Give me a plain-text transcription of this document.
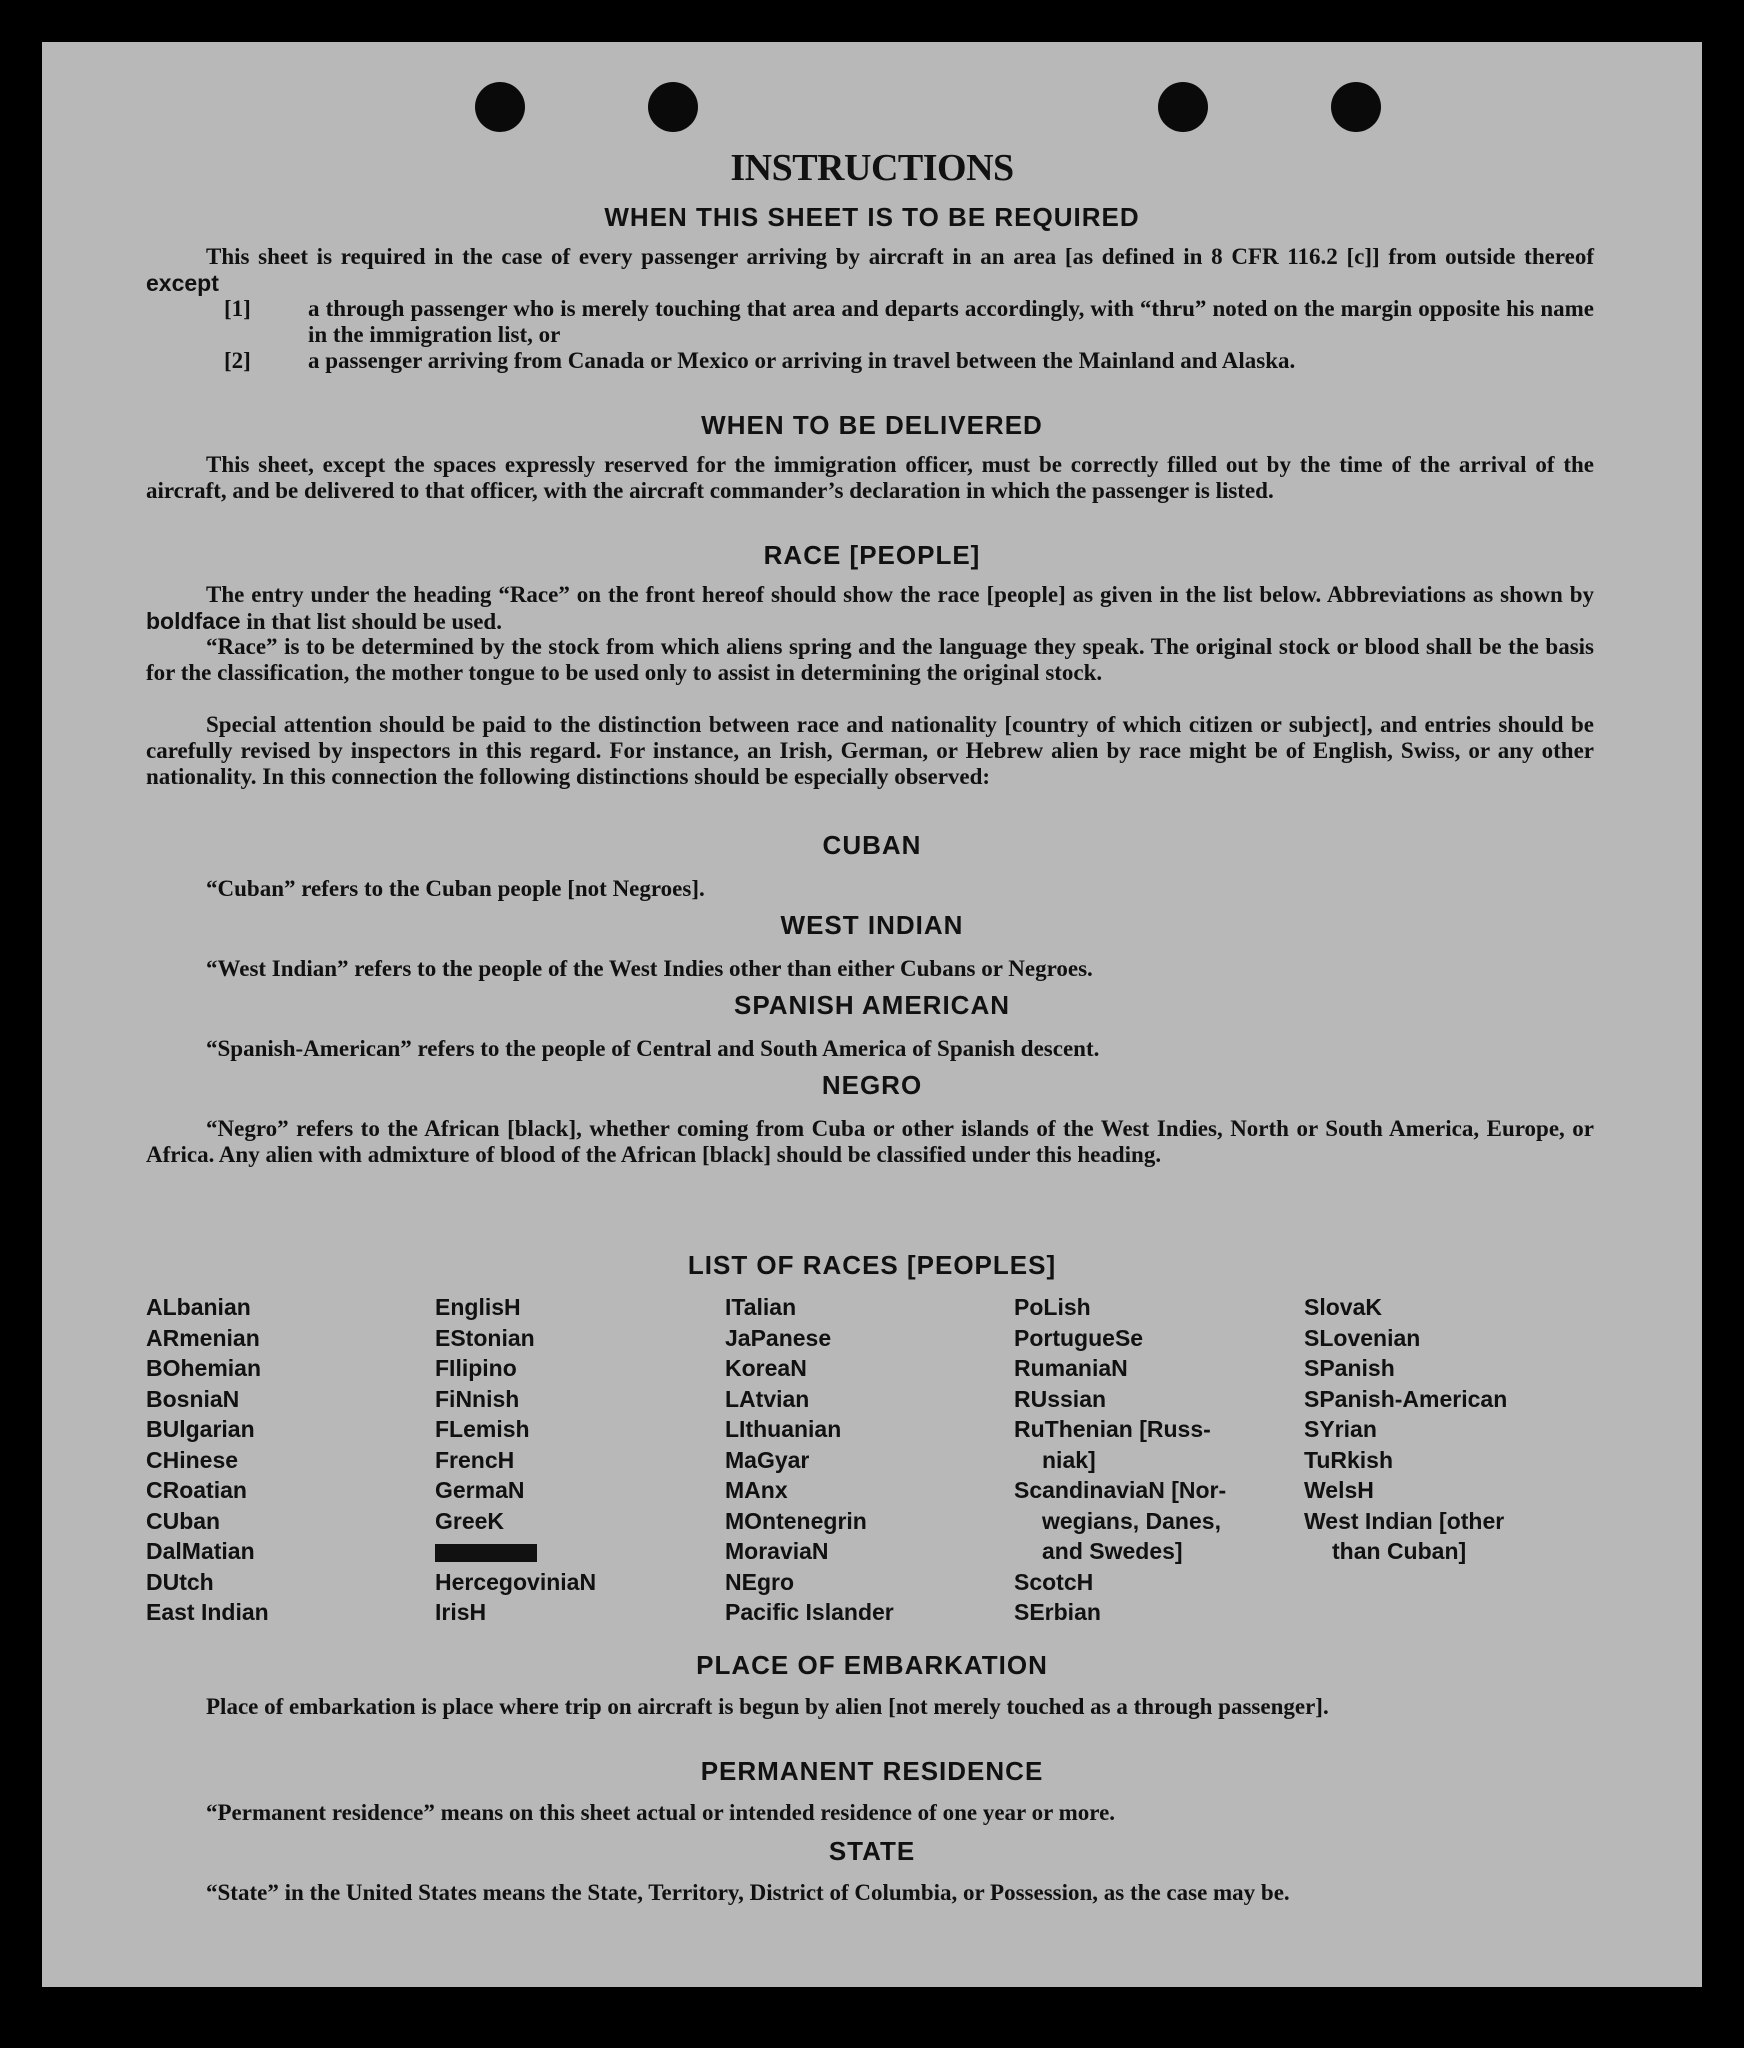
INSTRUCTIONS
WHEN THIS SHEET IS TO BE REQUIRED
This sheet is required in the case of every passenger arriving by aircraft in an area [as defined in 8 CFR 116.2 [c]] from outside thereof except
[1]	a through passenger who is merely touching that area and departs accordingly, with “thru” noted on the margin opposite his name in the immigration list, or
[2]	a passenger arriving from Canada or Mexico or arriving in travel between the Mainland and Alaska.
WHEN TO BE DELIVERED
This sheet, except the spaces expressly reserved for the immigration officer, must be correctly filled out by the time of the arrival of the aircraft, and be delivered to that officer, with the aircraft commander’s declaration in which the passenger is listed.
RACE [PEOPLE]
The entry under the heading “Race” on the front hereof should show the race [people] as given in the list below. Abbreviations as shown by boldface in that list should be used.
“Race” is to be determined by the stock from which aliens spring and the language they speak. The original stock or blood shall be the basis for the classification, the mother tongue to be used only to assist in determining the original stock.
Special attention should be paid to the distinction between race and nationality [country of which citizen or subject], and entries should be carefully revised by inspectors in this regard. For instance, an Irish, German, or Hebrew alien by race might be of English, Swiss, or any other nationality. In this connection the following distinctions should be especially observed:
CUBAN
“Cuban” refers to the Cuban people [not Negroes].
WEST INDIAN
“West Indian” refers to the people of the West Indies other than either Cubans or Negroes.
SPANISH AMERICAN
“Spanish-American” refers to the people of Central and South America of Spanish descent.
NEGRO
“Negro” refers to the African [black], whether coming from Cuba or other islands of the West Indies, North or South America, Europe, or Africa. Any alien with admixture of blood of the African [black] should be classified under this heading.
LIST OF RACES [PEOPLES]
ALbanian
ARmenian
BOhemian
BosniaN
BUlgarian
CHinese
CRoatian
CUban
DalMatian
DUtch
East Indian
EnglisH
EStonian
FIlipino
FiNnish
FLemish
FrencH
GermaN
GreeK
HercegoviniaN
IrisH
ITalian
JaPanese
KoreaN
LAtvian
LIthuanian
MaGyar
MAnx
MOntenegrin
MoraviaN
NEgro
Pacific Islander
PoLish
PortugueSe
RumaniaN
RUssian
RuThenian [Russ-
niak]
ScandinaviaN [Nor-
wegians, Danes,
and Swedes]
ScotcH
SErbian
SlovaK
SLovenian
SPanish
SPanish-American
SYrian
TuRkish
WelsH
West Indian [other
than Cuban]
PLACE OF EMBARKATION
Place of embarkation is place where trip on aircraft is begun by alien [not merely touched as a through passenger].
PERMANENT RESIDENCE
“Permanent residence” means on this sheet actual or intended residence of one year or more.
STATE
“State” in the United States means the State, Territory, District of Columbia, or Possession, as the case may be.
